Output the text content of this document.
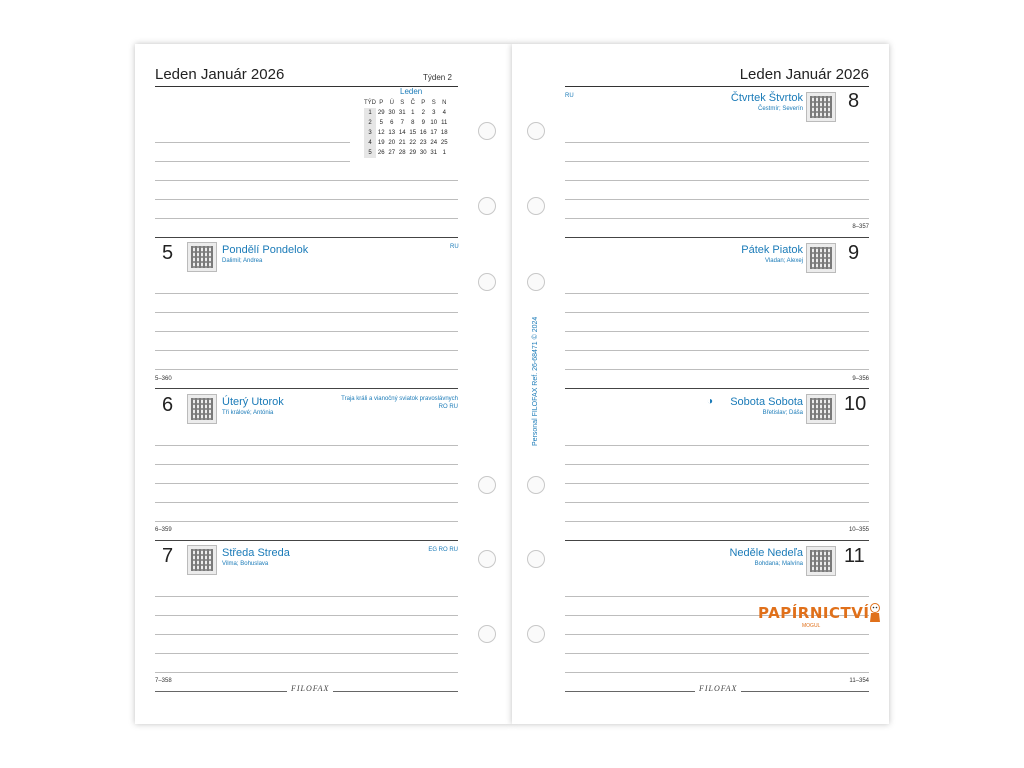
Leden Január 2026	Týden 2
Leden
TÝD	P	Ú	S	Č	P	S	N
1	29	30	31	1	2	3	4
2	5	6	7	8	9	10	11
3	12	13	14	15	16	17	18
4	19	20	21	22	23	24	25
5	26	27	28	29	30	31	1
5	Pondělí Pondelok
Dalimil; Andrea
RU
5–360
6	Úterý Utorok
Tři králové; Antónia
Traja králi a vianočný sviatok pravoslávnych
RO RU
6–359
7	Středa Streda
Vilma; Bohuslava
EG RO RU
7–358
FILOFAX
Personal FILOFAX Ref. 26-68471 © 2024
Leden Január 2026
RU	Čtvrtek Štvrtok
Čestmír; Severín 8
8–357
Pátek Piatok
Vladan; Alexej 9
9–356
◑ Sobota Sobota
Břetislav; Dáša 10
10–355
Neděle Nedeľa
Bohdana; Malvína 11
11–354
FILOFAX
PAPÍRNICTVÍ
MOGUL
